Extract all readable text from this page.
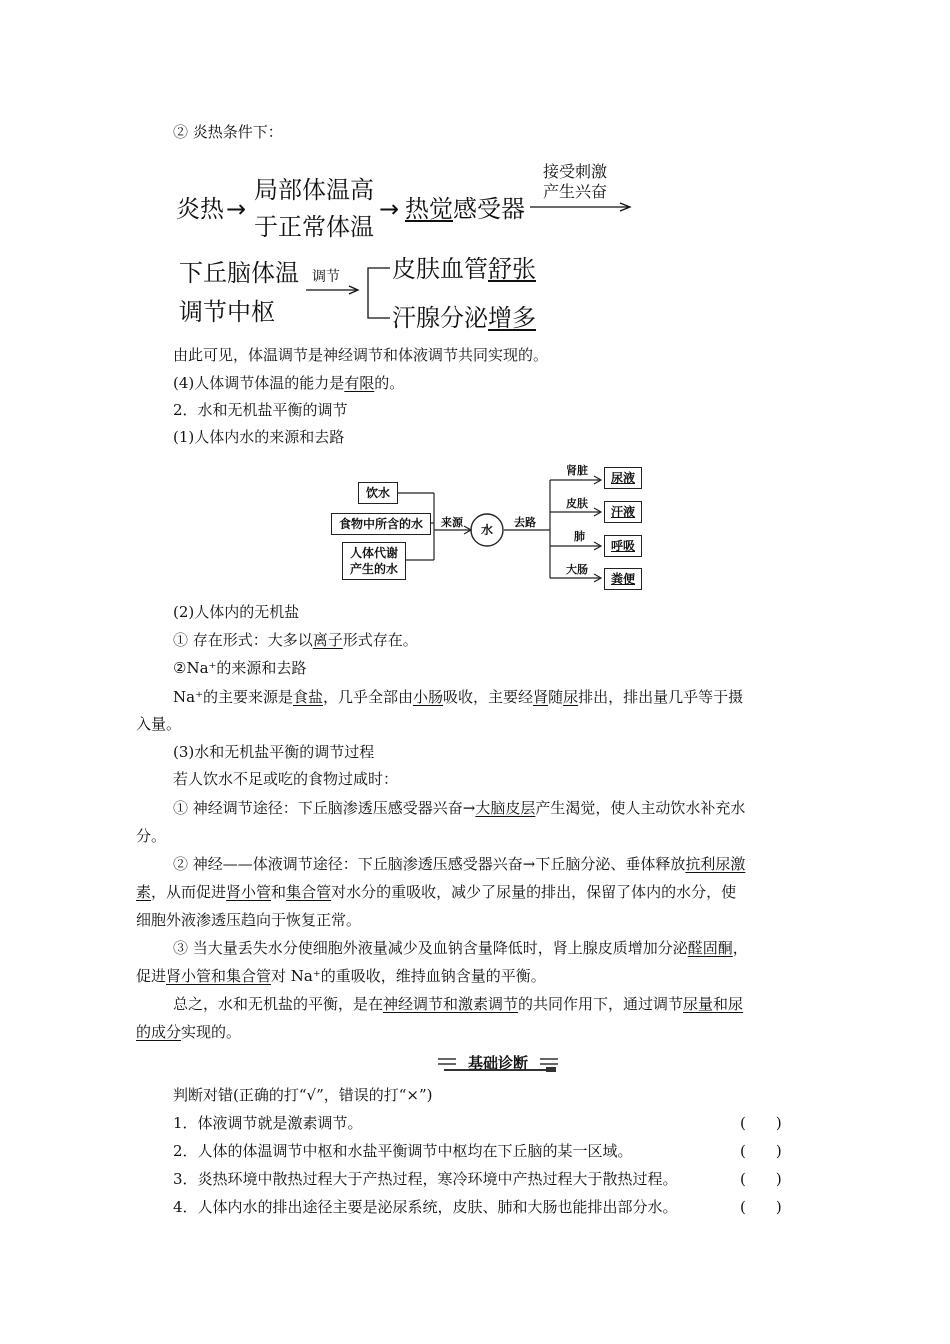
② 炎热条件下：
炎热 →
局部体温高
于正常体温
→ 热觉感受器
接受刺激
产生兴奋
下丘脑体温
调节中枢
调节 皮肤血管舒张
汗腺分泌增多
由此可见，体温调节是神经调节和体液调节共同实现的。
(4)人体调节体温的能力是有限的。
2．水和无机盐平衡的调节
(1)人体内水的来源和去路
饮水
食物中所含的水
人体代谢
产生的水
来源
水
去路
肾脏
皮肤
肺
大肠
尿液
汗液
呼吸
粪便
(2)人体内的无机盐
① 存在形式：大多以离子形式存在。
②Na⁺的来源和去路
Na⁺的主要来源是食盐，几乎全部由小肠吸收，主要经肾随尿排出，排出量几乎等于摄
入量。
(3)水和无机盐平衡的调节过程
若人饮水不足或吃的食物过咸时：
① 神经调节途径：下丘脑渗透压感受器兴奋→大脑皮层产生渴觉，使人主动饮水补充水
分。
② 神经——体液调节途径：下丘脑渗透压感受器兴奋→下丘脑分泌、垂体释放抗利尿激
素，从而促进肾小管和集合管对水分的重吸收，减少了尿量的排出，保留了体内的水分，使
细胞外液渗透压趋向于恢复正常。
③ 当大量丢失水分使细胞外液量减少及血钠含量降低时，肾上腺皮质增加分泌醛固酮，
促进肾小管和集合管对 Na⁺的重吸收，维持血钠含量的平衡。
总之，水和无机盐的平衡，是在神经调节和激素调节的共同作用下，通过调节尿量和尿
的成分实现的。
基础诊断
判断对错(正确的打“√”，错误的打“×”)
1．体液调节就是激素调节。	(　　)
2．人体的体温调节中枢和水盐平衡调节中枢均在下丘脑的某一区域。	(　　)
3．炎热环境中散热过程大于产热过程，寒冷环境中产热过程大于散热过程。	(　　)
4．人体内水的排出途径主要是泌尿系统，皮肤、肺和大肠也能排出部分水。	(　　)
